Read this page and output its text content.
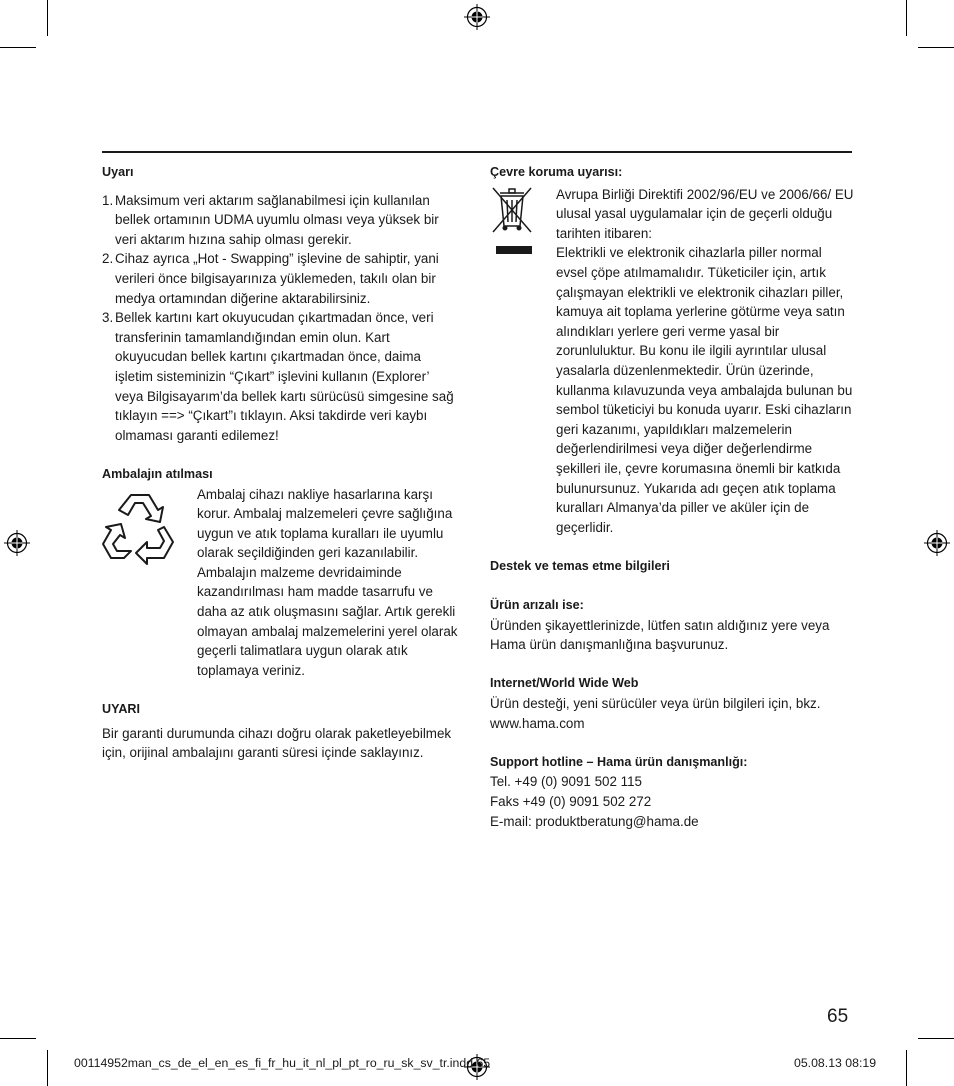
Uyarı
1. Maksimum veri aktarım sağlanabilmesi için kullanılan bellek ortamının UDMA uyumlu olması veya yüksek bir veri aktarım hızına sahip olması gerekir.
2. Cihaz ayrıca „Hot - Swapping” işlevine de sahiptir, yani verileri önce bilgisayarınıza yüklemeden, takılı olan bir medya ortamından diğerine aktarabilirsiniz.
3. Bellek kartını kart okuyucudan çıkartmadan önce, veri transferinin tamamlandığından emin olun. Kart okuyucudan bellek kartını çıkartmadan önce, daima işletim sisteminizin “Çıkart” işlevini kullanın (Explorer’ veya Bilgisayarım’da bellek kartı sürücüsü simgesine sağ tıklayın ==> “Çıkart”ı tıklayın. Aksi takdirde veri kaybı olmaması garanti edilemez!
Ambalajın atılması

Ambalaj cihazı nakliye hasarlarına karşı korur. Ambalaj malzemeleri çevre sağlığına uygun ve atık toplama kuralları ile uyumlu olarak seçildiğinden geri kazanılabilir. Ambalajın malzeme devridaiminde kazandırılması ham madde tasarrufu ve daha az atık oluşmasını sağlar. Artık gerekli olmayan ambalaj malzemelerini yerel olarak geçerli talimatlara uygun olarak atık toplamaya veriniz.

UYARI

Bir garanti durumunda cihazı doğru olarak paketleyebilmek için, orijinal ambalajını garanti süresi içinde saklayınız.

Çevre koruma uyarısı:

Avrupa Birliği Direktifi 2002/96/EU ve 2006/66/ EU ulusal yasal uygulamalar için de geçerli olduğu tarihten itibaren:

Elektrikli ve elektronik cihazlarla piller normal evsel çöpe atılmamalıdır. Tüketiciler için, artık çalışmayan elektrikli ve elektronik cihazları piller, kamuya ait toplama yerlerine götürme veya satın alındıkları yerlere geri verme yasal bir zorunluluktur. Bu konu ile ilgili ayrıntılar ulusal yasalarla düzenlenmektedir. Ürün üzerinde, kullanma kılavuzunda veya ambalajda bulunan bu sembol tüketiciyi bu konuda uyarır. Eski cihazların geri kazanımı, yapıldıkları malzemelerin değerlendirilmesi veya diğer değerlendirme şekilleri ile, çevre korumasına önemli bir katkıda bulunursunuz. Yukarıda adı geçen atık toplama kuralları Almanya’da piller ve aküler için de geçerlidir.

Destek ve temas etme bilgileri
Ürün arızalı ise:

Üründen şikayettlerinizde, lütfen satın aldığınız yere veya Hama ürün danışmanlığına başvurunuz.

Internet/World Wide Web

Ürün desteği, yeni sürücüler veya ürün bilgileri için, bkz. www.hama.com

Support hotline – Hama ürün danışmanlığı:

Tel. +49 (0) 9091 502 115

Faks +49 (0) 9091 502 272

E-mail: produktberatung@hama.de

65
00114952man_cs_de_el_en_es_fi_fr_hu_it_nl_pl_pt_ro_ru_sk_sv_tr.indd 65	05.08.13 08:19
